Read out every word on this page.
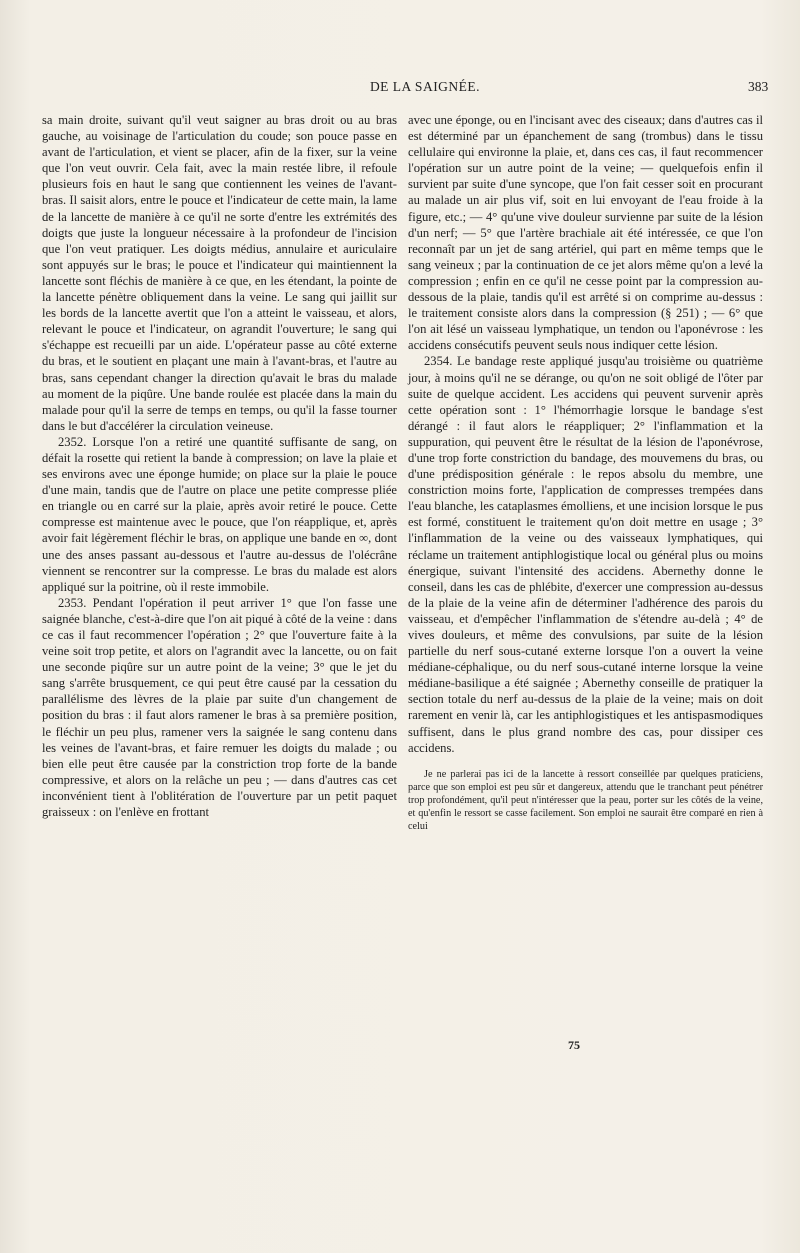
DE LA SAIGNÉE.	383

sa main droite, suivant qu'il veut saigner au bras droit ou au bras gauche, au voisinage de l'articulation du coude; son pouce passe en avant de l'articulation, et vient se placer, afin de la fixer, sur la veine que l'on veut ouvrir. Cela fait, avec la main restée libre, il refoule plusieurs fois en haut le sang que contiennent les veines de l'avant-bras. Il saisit alors, entre le pouce et l'indicateur de cette main, la lame de la lancette de manière à ce qu'il ne sorte d'entre les extrémités des doigts que juste la longueur nécessaire à la profondeur de l'incision que l'on veut pratiquer. Les doigts médius, annulaire et auriculaire sont appuyés sur le bras; le pouce et l'indicateur qui maintiennent la lancette sont fléchis de manière à ce que, en les étendant, la pointe de la lancette pénètre obliquement dans la veine. Le sang qui jaillit sur les bords de la lancette avertit que l'on a atteint le vaisseau, et alors, relevant le pouce et l'indicateur, on agrandit l'ouverture; le sang qui s'échappe est recueilli par un aide. L'opérateur passe au côté externe du bras, et le soutient en plaçant une main à l'avant-bras, et l'autre au bras, sans cependant changer la direction qu'avait le bras du malade au moment de la piqûre. Une bande roulée est placée dans la main du malade pour qu'il la serre de temps en temps, ou qu'il la fasse tourner dans le but d'accélérer la circulation veineuse.

2352. Lorsque l'on a retiré une quantité suffisante de sang, on défait la rosette qui retient la bande à compression; on lave la plaie et ses environs avec une éponge humide; on place sur la plaie le pouce d'une main, tandis que de l'autre on place une petite compresse pliée en triangle ou en carré sur la plaie, après avoir retiré le pouce. Cette compresse est maintenue avec le pouce, que l'on réapplique, et, après avoir fait légèrement fléchir le bras, on applique une bande en ∞, dont une des anses passant au-dessous et l'autre au-dessus de l'olécrâne viennent se rencontrer sur la compresse. Le bras du malade est alors appliqué sur la poitrine, où il reste immobile.

2353. Pendant l'opération il peut arriver 1° que l'on fasse une saignée blanche, c'est-à-dire que l'on ait piqué à côté de la veine : dans ce cas il faut recommencer l'opération ; 2° que l'ouverture faite à la veine soit trop petite, et alors on l'agrandit avec la lancette, ou on fait une seconde piqûre sur un autre point de la veine; 3° que le jet du sang s'arrête brusquement, ce qui peut être causé par la cessation du parallélisme des lèvres de la plaie par suite d'un changement de position du bras : il faut alors ramener le bras à sa première position, le fléchir un peu plus, ramener vers la saignée le sang contenu dans les veines de l'avant-bras, et faire remuer les doigts du malade ; ou bien elle peut être causée par la constriction trop forte de la bande compressive, et alors on la relâche un peu ; — dans d'autres cas cet inconvénient tient à l'oblitération de l'ouverture par un petit paquet graisseux : on l'enlève en frottant

avec une éponge, ou en l'incisant avec des ciseaux; dans d'autres cas il est déterminé par un épanchement de sang (trombus) dans le tissu cellulaire qui environne la plaie, et, dans ces cas, il faut recommencer l'opération sur un autre point de la veine; — quelquefois enfin il survient par suite d'une syncope, que l'on fait cesser soit en procurant au malade un air plus vif, soit en lui envoyant de l'eau froide à la figure, etc.; — 4° qu'une vive douleur survienne par suite de la lésion d'un nerf; — 5° que l'artère brachiale ait été intéressée, ce que l'on reconnaît par un jet de sang artériel, qui part en même temps que le sang veineux ; par la continuation de ce jet alors même qu'on a levé la compression ; enfin en ce qu'il ne cesse point par la compression au-dessous de la plaie, tandis qu'il est arrêté si on comprime au-dessus : le traitement consiste alors dans la compression (§ 251) ; — 6° que l'on ait lésé un vaisseau lymphatique, un tendon ou l'aponévrose : les accidens consécutifs peuvent seuls nous indiquer cette lésion.

2354. Le bandage reste appliqué jusqu'au troisième ou quatrième jour, à moins qu'il ne se dérange, ou qu'on ne soit obligé de l'ôter par suite de quelque accident. Les accidens qui peuvent survenir après cette opération sont : 1° l'hémorrhagie lorsque le bandage s'est dérangé : il faut alors le réappliquer; 2° l'inflammation et la suppuration, qui peuvent être le résultat de la lésion de l'aponévrose, d'une trop forte constriction du bandage, des mouvemens du bras, ou d'une prédisposition générale : le repos absolu du membre, une constriction moins forte, l'application de compresses trempées dans l'eau blanche, les cataplasmes émolliens, et une incision lorsque le pus est formé, constituent le traitement qu'on doit mettre en usage ; 3° l'inflammation de la veine ou des vaisseaux lymphatiques, qui réclame un traitement antiphlogistique local ou général plus ou moins énergique, suivant l'intensité des accidens. Abernethy donne le conseil, dans les cas de phlébite, d'exercer une compression au-dessus de la plaie de la veine afin de déterminer l'adhérence des parois du vaisseau, et d'empêcher l'inflammation de s'étendre au-delà ; 4° de vives douleurs, et même des convulsions, par suite de la lésion partielle du nerf sous-cutané externe lorsque l'on a ouvert la veine médiane-céphalique, ou du nerf sous-cutané interne lorsque la veine médiane-basilique a été saignée ; Abernethy conseille de pratiquer la section totale du nerf au-dessus de la plaie de la veine; mais on doit rarement en venir là, car les antiphlogistiques et les antispasmodiques suffisent, dans le plus grand nombre des cas, pour dissiper ces accidens.

Je ne parlerai pas ici de la lancette à ressort conseillée par quelques praticiens, parce que son emploi est peu sûr et dangereux, attendu que le tranchant peut pénétrer trop profondément, qu'il peut n'intéresser que la peau, porter sur les côtés de la veine, et qu'enfin le ressort se casse facilement. Son emploi ne saurait être comparé en rien à celui

75
